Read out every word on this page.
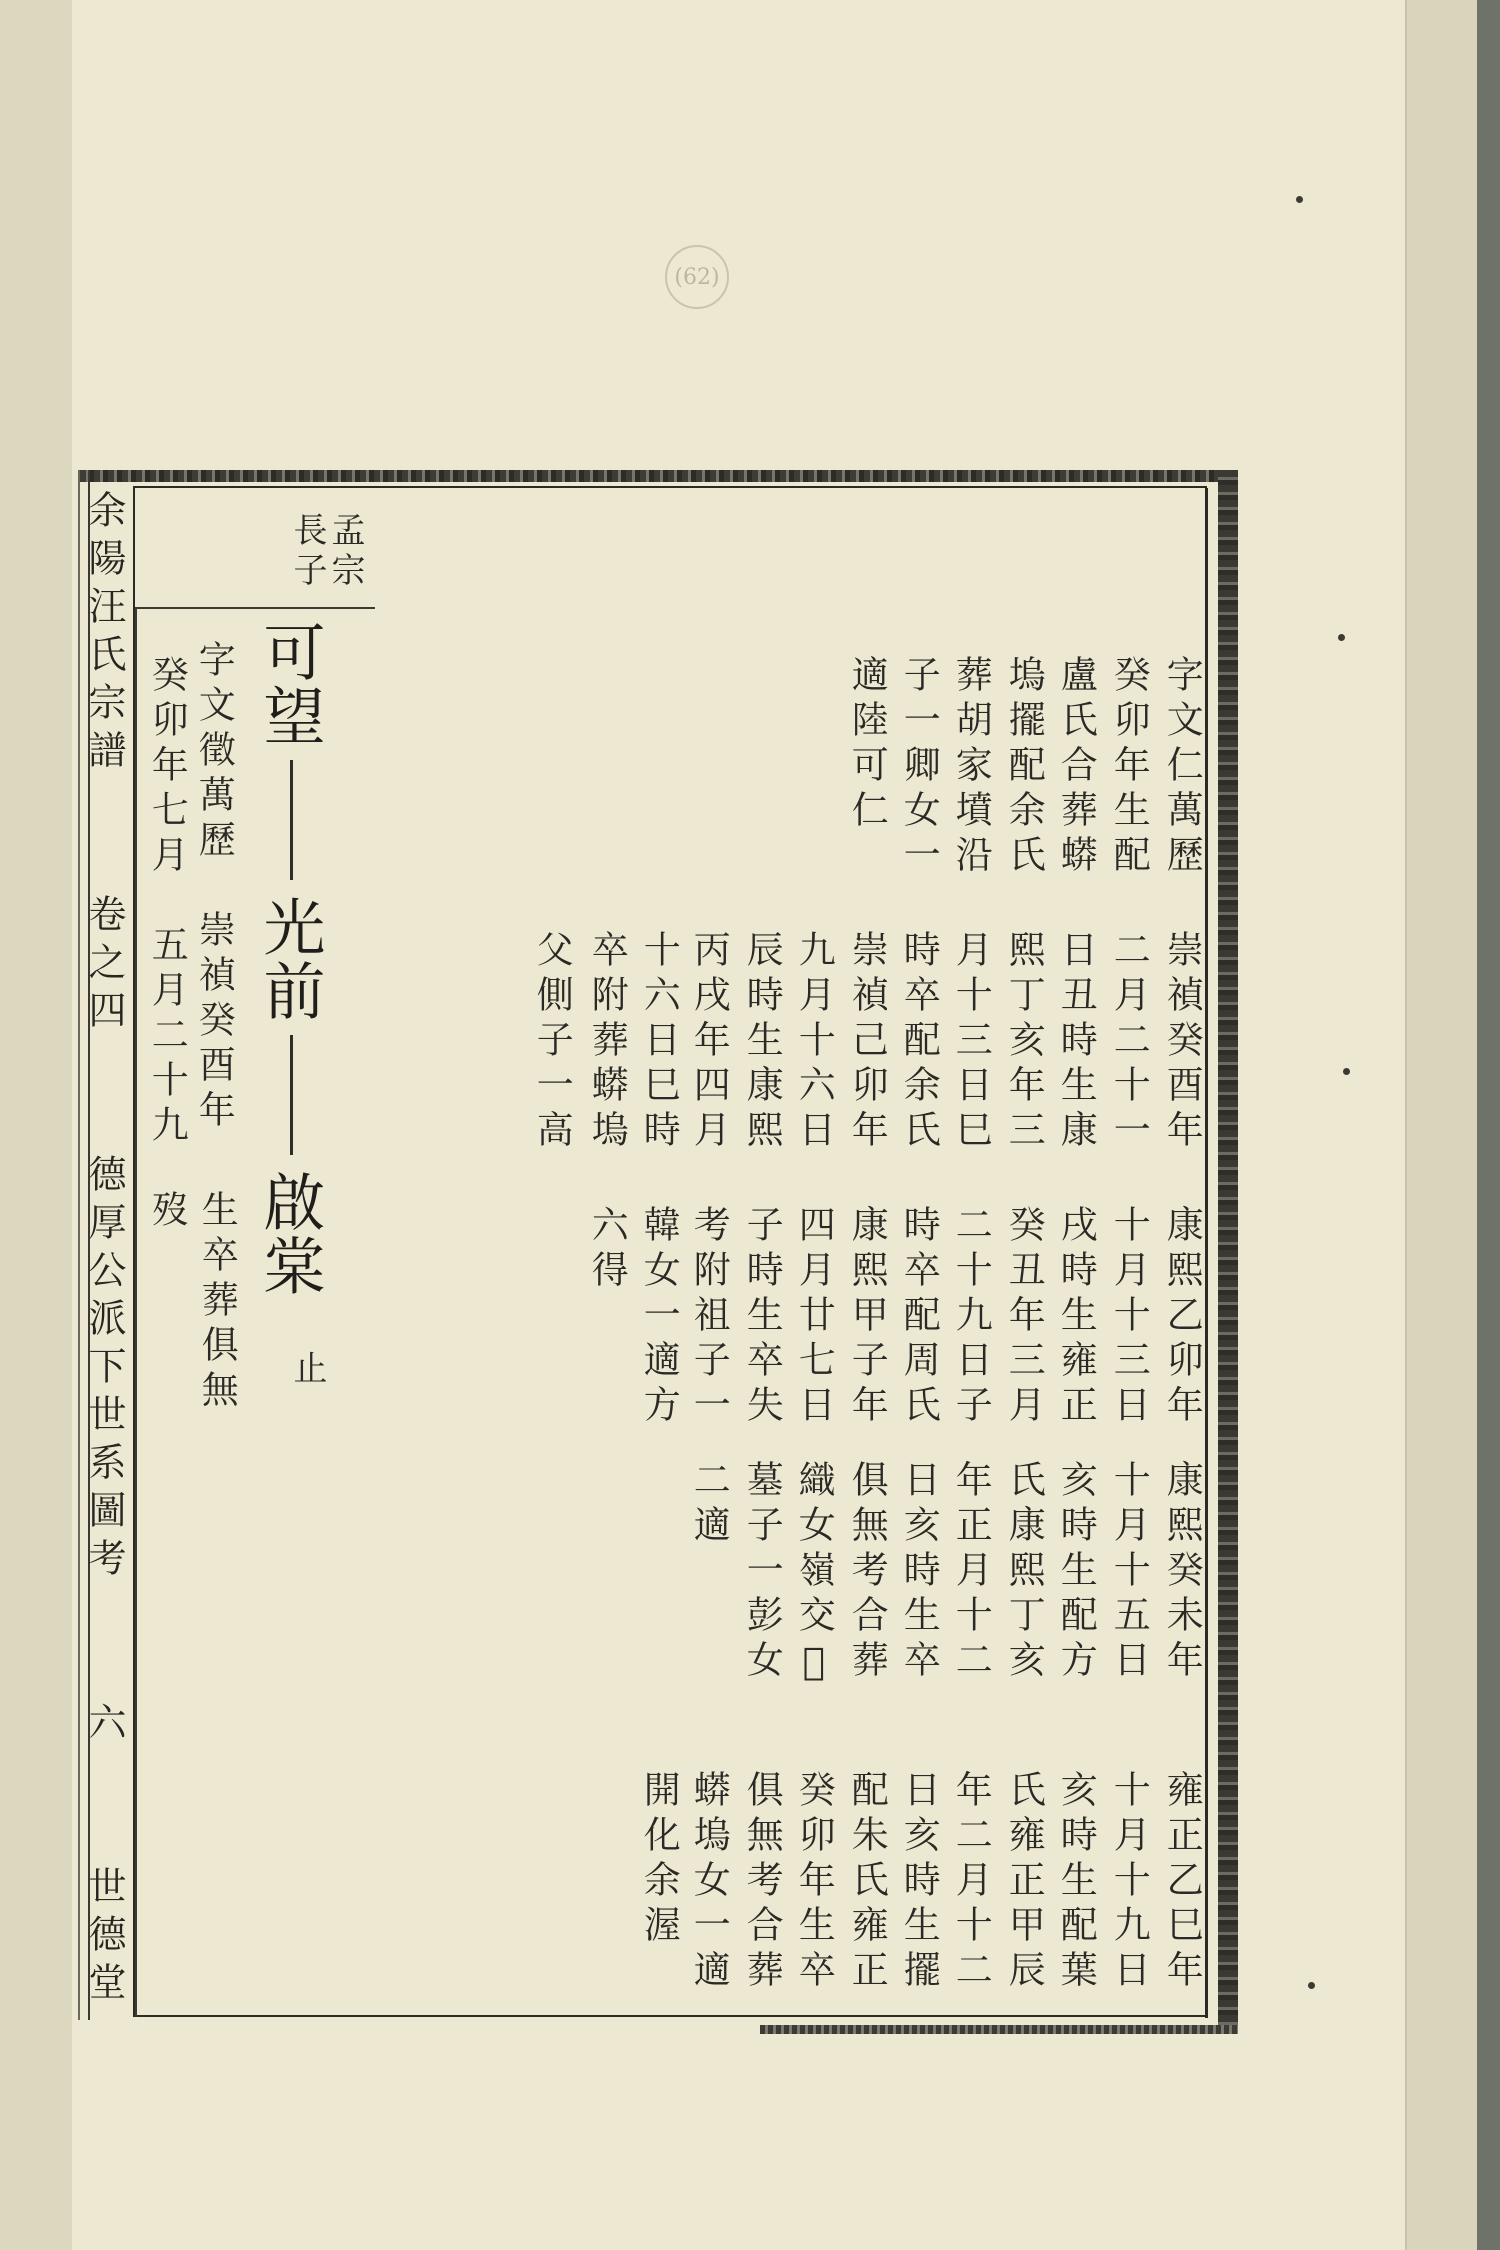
(62)
余陽汪氏宗譜
卷之四
德厚公派下世系圖考
六
世德堂
孟宗
長子
可望
光前
啟棠
止
字文徵萬歷
癸卯年七月
崇禎癸酉年
五月二十九
歿 生卒葬俱無
字文仁萬歷
崇禎癸酉年
康熙乙卯年
康熙癸未年
雍正乙巳年
癸卯年生配
二月二十一
十月十三日
十月十五日
十月十九日
盧氏合葬蟒
日丑時生康
戌時生雍正
亥時生配方
亥時生配葉
塢擺配余氏
熙丁亥年三
癸丑年三月
氏康熙丁亥
氏雍正甲辰
葬胡家墳沿
月十三日巳
二十九日子
年正月十二
年二月十二
子一卿女一
時卒配余氏
時卒配周氏
日亥時生卒
日亥時生擺
適陸可仁
崇禎己卯年
康熙甲子年
俱無考合葬
配朱氏雍正
九月十六日
四月廿七日
織女嶺交𡊮
癸卯年生卒
辰時生康熙
子時生卒失
墓子一彭女
俱無考合葬
丙戌年四月
考附祖子一
二適
蟒塢女一適
十六日巳時
韓女一適方
開化余渥
卒附葬蟒塢
六得
父側子一高
